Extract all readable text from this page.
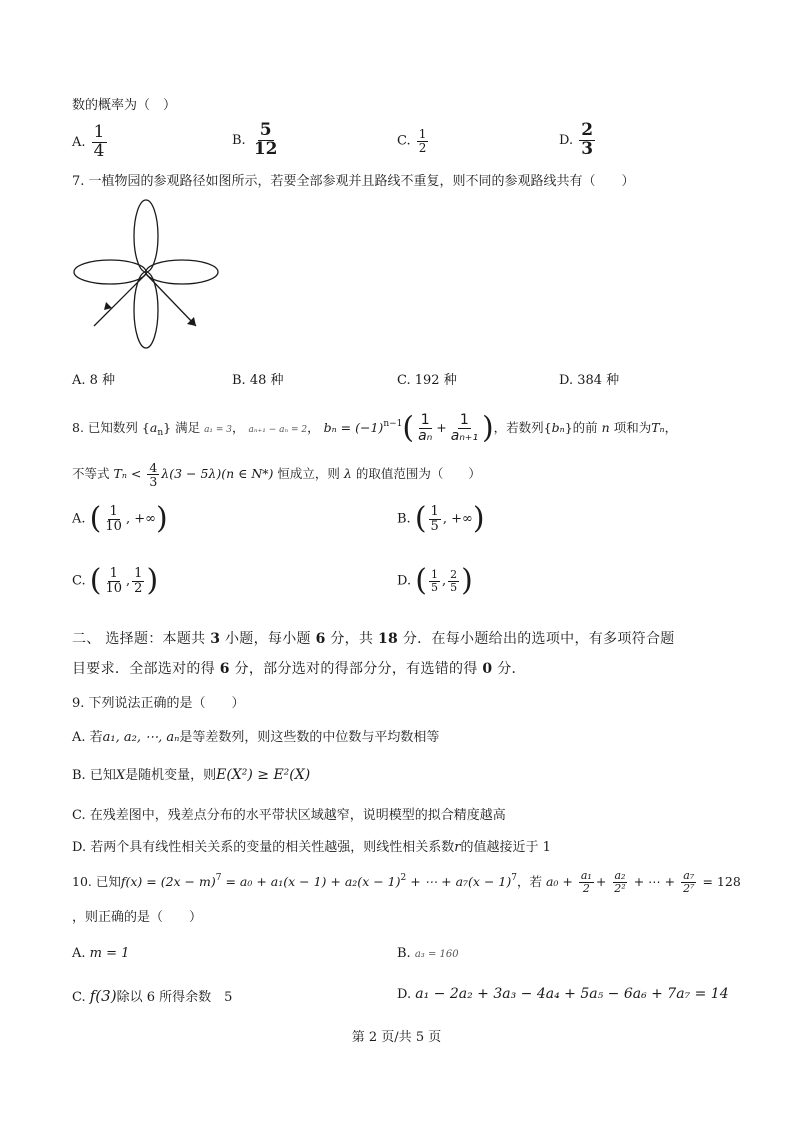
数的概率为（　）
A. $\frac{1}{4}$	B. $\frac{5}{12}$	C. $\frac{1}{2}$	D. $\frac{2}{3}$
7. 一植物园的参观路径如图所示，若要全部参观并且路线不重复，则不同的参观路线共有（　　）
A. 8 种	B. 48 种	C. 192 种	D. 384 种
8. 已知数列 $\{a_n\}$ 满足 a₁ = 3， aₙ₊₁ − aₙ = 2， $b_n = (-1)^{n-1}( \frac{1}{\text{aₙ}} + \frac{1}{\text{aₙ₊₁}}$ )，若数列{bₙ}的前 n 项和为Tₙ，
不等式 $T_n < \frac{4}{3} \lambda(3 - 5\lambda)(n$ ∈ N*) 恒成立，则 λ 的取值范围为（　　）
A. ( $\frac{1}{10}$ , +∞)	B. ( $\frac{1}{5}$ , +∞)
C. ( $\frac{1}{10}$ , $\frac{1}{2}$ )	D. ( $\frac{1}{5}$ , $\frac{2}{5}$ )
二、 选择题：本题共 3 小题，每小题 6 分，共 18 分．在每小题给出的选项中，有多项符合题
目要求．全部选对的得 6 分，部分选对的得部分分，有选错的得 0 分．
9. 下列说法正确的是（　　）
A. 若a₁, a₂, ⋯, aₙ是等差数列，则这些数的中位数与平均数相等
B. 已知X是随机变量，则E(X²) ≥ E²(X)
C. 在残差图中，残差点分布的水平带状区域越窄，说明模型的拟合精度越高
D. 若两个具有线性相关关系的变量的相关性越强，则线性相关系数r的值越接近于 1
10. 已知$f(x) = (2x - m)^7 = a_0 + a_1(x - 1) + a_2(x - 1)^2$ + ⋯ + $a_7(x - 1)^7$，若 $a_0 + \frac{\text{a₁}}{2} + \frac{\text{a₂}}{\text{2²}}$ + ⋯ + $\frac{\text{a₇}}{\text{2⁷}} = 128$
，则正确的是（　　）
A. m = 1	B. a₃ = 160
C. f(3)除以 6 所得余数　5	D. a₁ − 2a₂ + 3a₃ − 4a₄ + 5a₅ − 6a₆ + 7a₇ = 14
第 2 页/共 5 页
